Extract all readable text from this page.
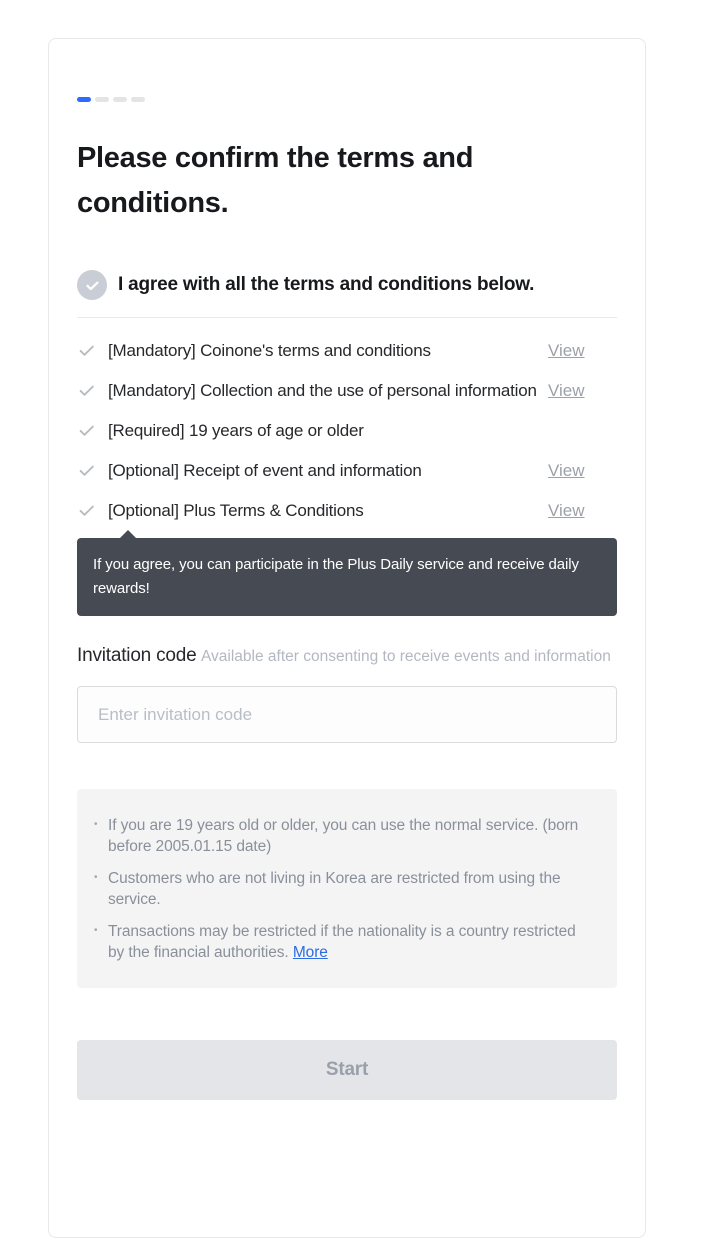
Please confirm the terms and conditions.
I agree with all the terms and conditions below.
[Mandatory] Coinone's terms and conditions	View
[Mandatory] Collection and the use of personal information View
[Required] 19 years of age or older
[Optional] Receipt of event and information	View
[Optional] Plus Terms & Conditions	View
If you agree, you can participate in the Plus Daily service and receive daily rewards!
Invitation code Available after consenting to receive events and information Enter invitation code
• If you are 19 years old or older, you can use the normal service. (born before 2005.01.15 date)
• Customers who are not living in Korea are restricted from using the service.
• Transactions may be restricted if the nationality is a country restricted by the financial authorities. More
Start
